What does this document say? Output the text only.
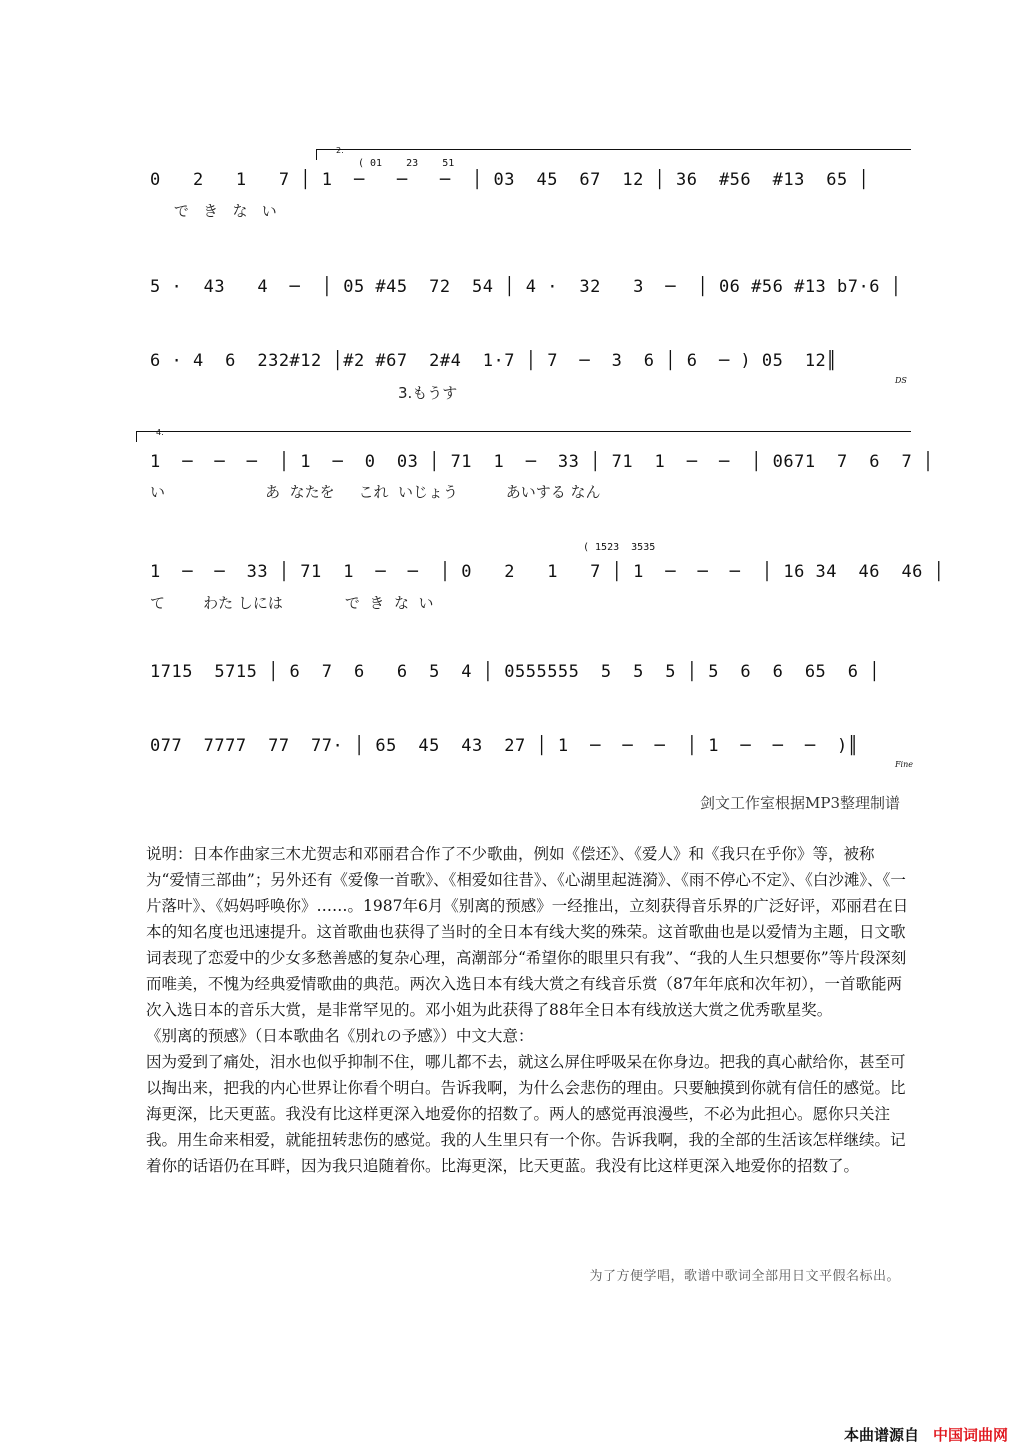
2.
( 01    23    51
0   2   1   7 │ 1  ─   ─   ─  │ 03  45  67  12 │ 36  #56  #13  65 │
で   き   な   い
5 ·  43   4  ─  │ 05 #45  72  54 │ 4 ·  32   3  ─  │ 06 #56 #13 b7·6 │
6 · 4  6  232#12 │#2 #67  2#4  1·7 │ 7  ─  3  6 │ 6  ─ ) 05  12║
3.もうす
DS
4.
1  ─  ─  ─  │ 1  ─  0  03 │ 71  1  ─  33 │ 71  1  ─  ─  │ 0671  7  6  7 │
い                     あ  なたを     これ  いじょう          あいする なん
( 1523  3535
1  ─  ─  33 │ 71  1  ─  ─  │ 0   2   1   7 │ 1  ─  ─  ─  │ 16 34  46  46 │
て        わた しには             で  き  な  い
1715  5715 │ 6  7  6   6  5  4 │ 0555555  5  5  5 │ 5  6  6  65  6 │
077  7777  77  77· │ 65  45  43  27 │ 1  ─  ─  ─  │ 1  ─  ─  ─  )║
Fine
剑文工作室根据MP3整理制谱

说明：日本作曲家三木尤贺志和邓丽君合作了不少歌曲，例如《偿还》、《爱人》和《我只在乎你》等，被称为“爱情三部曲”；另外还有《爱像一首歌》、《相爱如往昔》、《心湖里起涟漪》、《雨不停心不定》、《白沙滩》、《一片落叶》、《妈妈呼唤你》……。1987年6月《别离的预感》一经推出，立刻获得音乐界的广泛好评，邓丽君在日本的知名度也迅速提升。这首歌曲也获得了当时的全日本有线大奖的殊荣。这首歌曲也是以爱情为主题，日文歌词表现了恋爱中的少女多愁善感的复杂心理，高潮部分“希望你的眼里只有我”、“我的人生只想要你”等片段深刻而唯美，不愧为经典爱情歌曲的典范。两次入选日本有线大赏之有线音乐赏（87年年底和次年初），一首歌能两次入选日本的音乐大赏，是非常罕见的。邓小姐为此获得了88年全日本有线放送大赏之优秀歌星奖。

《别离的预感》（日本歌曲名《別れの予感》）中文大意：

因为爱到了痛处，泪水也似乎抑制不住，哪儿都不去，就这么屏住呼吸呆在你身边。把我的真心献给你，甚至可以掏出来，把我的内心世界让你看个明白。告诉我啊，为什么会悲伤的理由。只要触摸到你就有信任的感觉。比海更深，比天更蓝。我没有比这样更深入地爱你的招数了。两人的感觉再浪漫些，不必为此担心。愿你只关注我。用生命来相爱，就能扭转悲伤的感觉。我的人生里只有一个你。告诉我啊，我的全部的生活该怎样继续。记着你的话语仍在耳畔，因为我只追随着你。比海更深，比天更蓝。我没有比这样更深入地爱你的招数了。

为了方便学唱，歌谱中歌词全部用日文平假名标出。
本曲谱源自 中国词曲网
